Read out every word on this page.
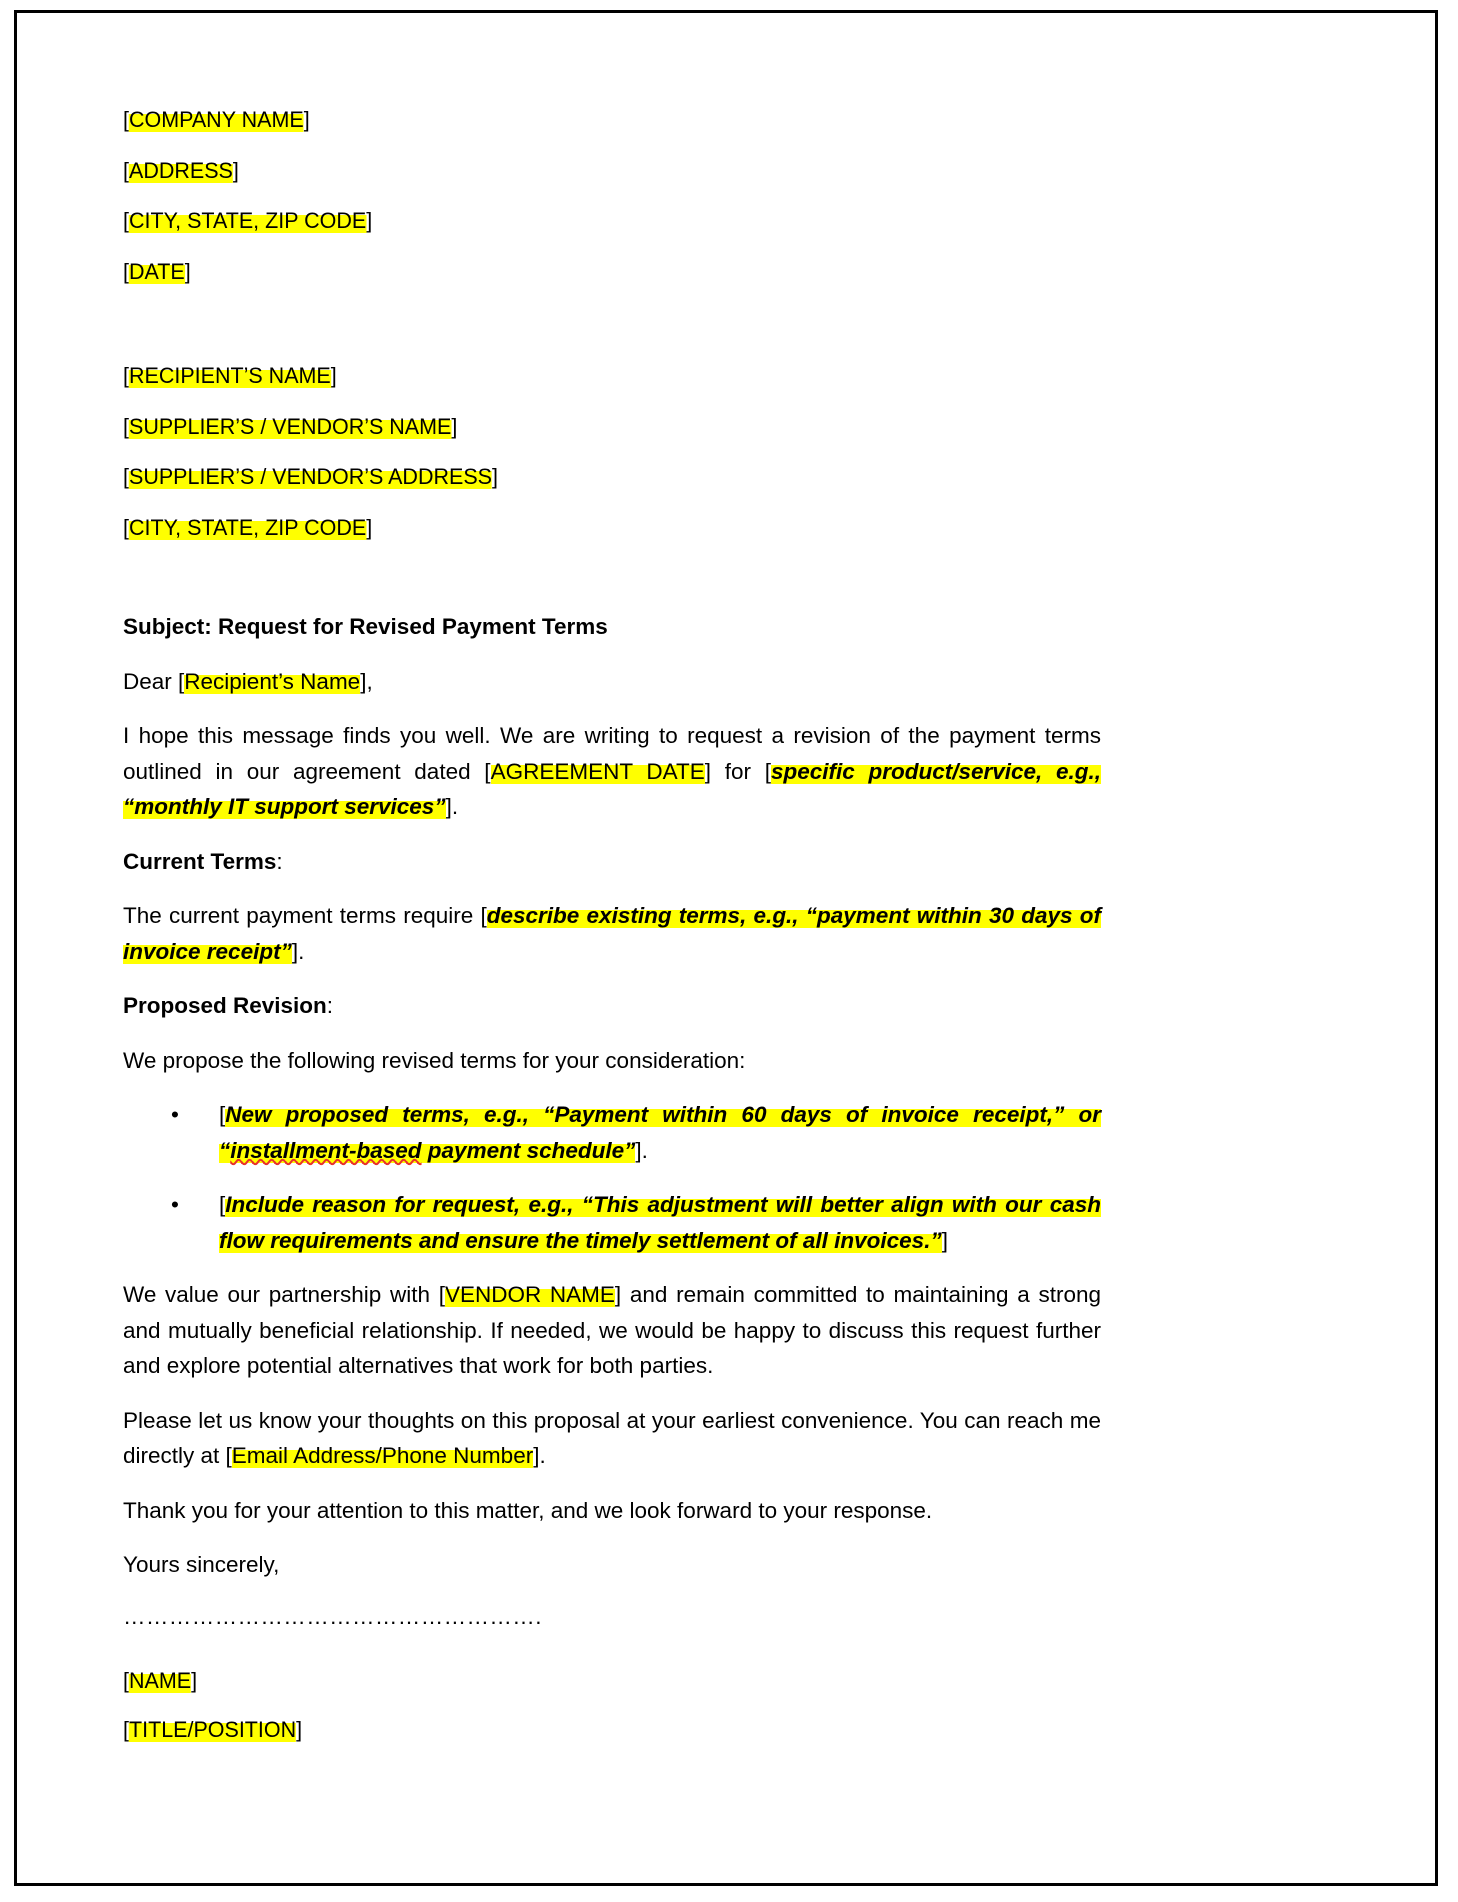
[COMPANY NAME]
[ADDRESS]
[CITY, STATE, ZIP CODE]
[DATE]
[RECIPIENT’S NAME]
[SUPPLIER’S / VENDOR’S NAME]
[SUPPLIER’S / VENDOR’S ADDRESS]
[CITY, STATE, ZIP CODE]
Subject: Request for Revised Payment Terms
Dear [Recipient’s Name],
I hope this message finds you well. We are writing to request a revision of the payment terms outlined in our agreement dated [AGREEMENT DATE] for [specific product/service, e.g., “monthly IT support services”].
Current Terms:
The current payment terms require [describe existing terms, e.g., “payment within 30 days of invoice receipt”].
Proposed Revision:
We propose the following revised terms for your consideration:
• [New proposed terms, e.g., “Payment within 60 days of invoice receipt,” or “installment-based payment schedule”].
• [Include reason for request, e.g., “This adjustment will better align with our cash flow requirements and ensure the timely settlement of all invoices.”]
We value our partnership with [VENDOR NAME] and remain committed to maintaining a strong and mutually beneficial relationship. If needed, we would be happy to discuss this request further and explore potential alternatives that work for both parties.
Please let us know your thoughts on this proposal at your earliest convenience. You can reach me directly at [Email Address/Phone Number].
Thank you for your attention to this matter, and we look forward to your response.
Yours sincerely,
……………………………………………….
[NAME]
[TITLE/POSITION]
